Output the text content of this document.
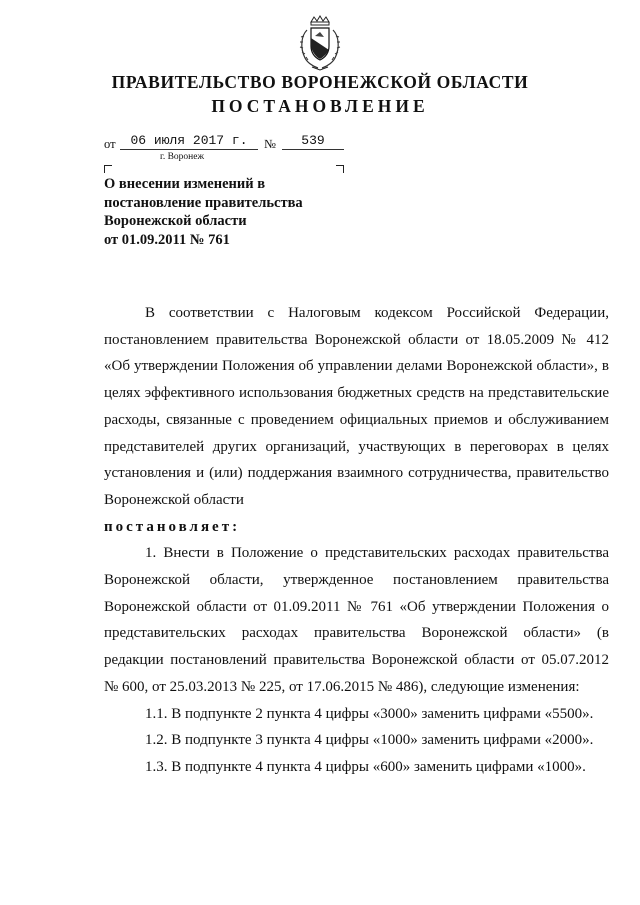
ПРАВИТЕЛЬСТВО ВОРОНЕЖСКОЙ ОБЛАСТИ
ПОСТАНОВЛЕНИЕ
от	06 июля 2017 г.	№	539
г. Воронеж
О внесении изменений в
постановление правительства
Воронежской области
от 01.09.2011 № 761

В соответствии с Налоговым кодексом Российской Федерации, постановлением правительства Воронежской области от 18.05.2009 № 412 «Об утверждении Положения об управлении делами Воронежской области», в целях эффективного использования бюджетных средств на представительские расходы, связанные с проведением официальных приемов и обслуживанием представителей других организаций, участвующих в переговорах в целях установления и (или) поддержания взаимного сотрудничества, правительство Воронежской области

постановляет:

1. Внести в Положение о представительских расходах правительства Воронежской области, утвержденное постановлением правительства Воронежской области от 01.09.2011 № 761 «Об утверждении Положения о представительских расходах правительства Воронежской области» (в редакции постановлений правительства Воронежской области от 05.07.2012 № 600, от 25.03.2013 № 225, от 17.06.2015 № 486), следующие изменения:

1.1. В подпункте 2 пункта 4 цифры «3000» заменить цифрами «5500».

1.2. В подпункте 3 пункта 4 цифры «1000» заменить цифрами «2000».

1.3. В подпункте 4 пункта 4 цифры «600» заменить цифрами «1000».
